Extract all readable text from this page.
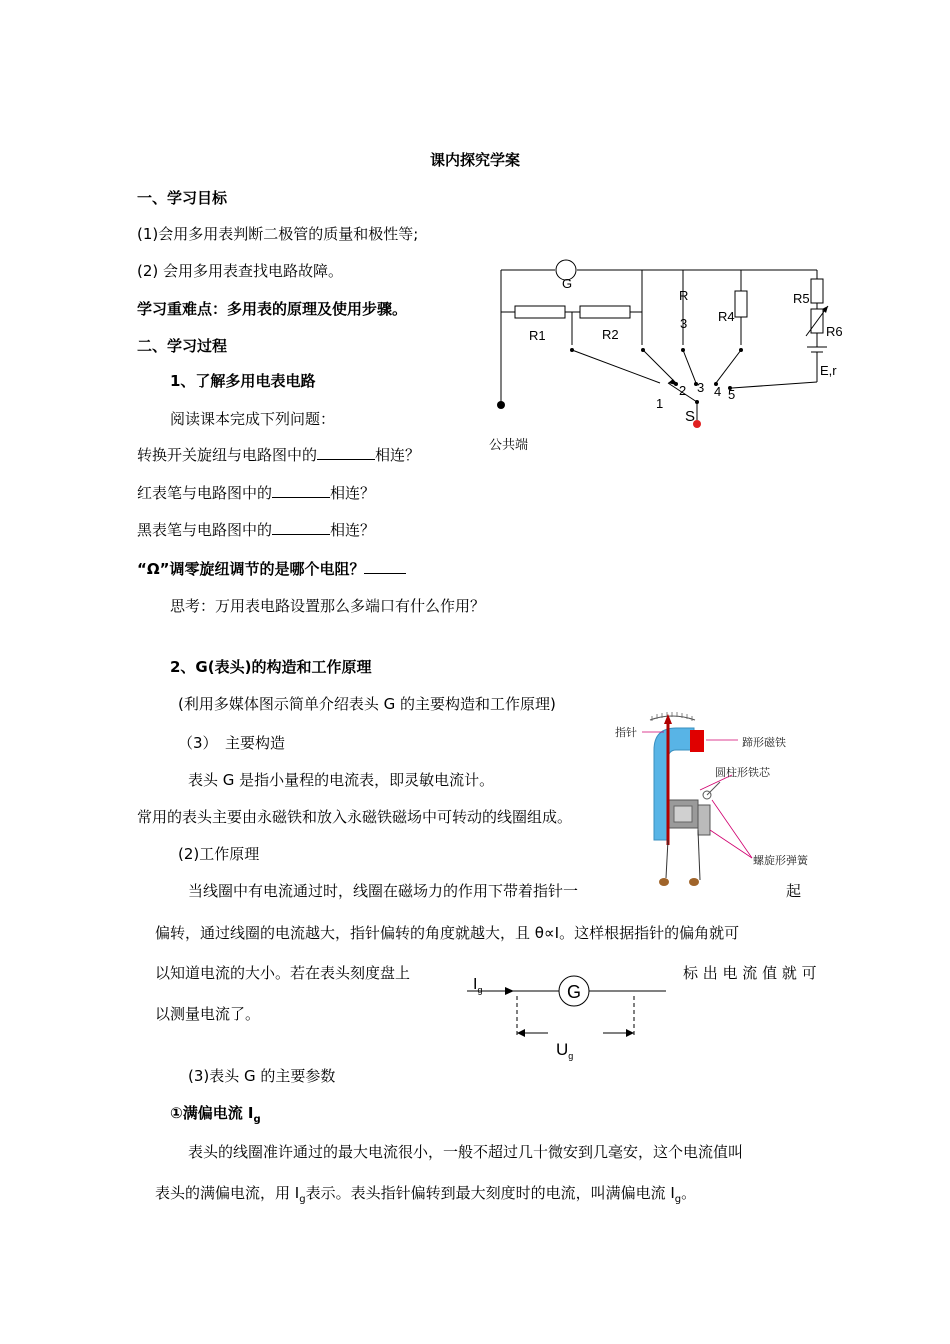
课内探究学案
一、学习目标
(1)会用多用表判断二极管的质量和极性等;
(2) 会用多用表查找电路故障。
学习重难点：多用表的原理及使用步骤。
二、学习过程
1、了解多用电表电路
阅读课本完成下列问题：
转换开关旋纽与电路图中的	相连？
红表笔与电路图中的	相连？
黑表笔与电路图中的	相连？
“Ω”调零旋纽调节的是哪个电阻？
思考：万用表电路设置那么多端口有什么作用？
2、G(表头)的构造和工作原理
(利用多媒体图示简单介绍表头 G 的主要构造和工作原理)
（3）　主要构造
表头 G 是指小量程的电流表，即灵敏电流计。
常用的表头主要由永磁铁和放入永磁铁磁场中可转动的线圈组成。
(2)工作原理
当线圈中有电流通过时，线圈在磁场力的作用下带着指针一	起
偏转，通过线圈的电流越大，指针偏转的角度就越大，且 θ∝I。这样根据指针的偏角就可
以知道电流的大小。若在表头刻度盘上	标 出 电 流 值 就 可
以测量电流了。
(3)表头 G 的主要参数
①满偏电流 $I_g$
表头的线圈准许通过的最大电流很小，一般不超过几十微安到几毫安，这个电流值叫
表头的满偏电流，用 $I_g$表示。表头指针偏转到最大刻度时的电流，叫满偏电流 $I_g$。
G
R1	R2
R
3 R4
R5
R6
E,r
1
2 3 4 5
S
公共端
指针
蹄形磁铁
圆柱形铁芯
螺旋形弹簧
G
$I_g$
$U_g$
